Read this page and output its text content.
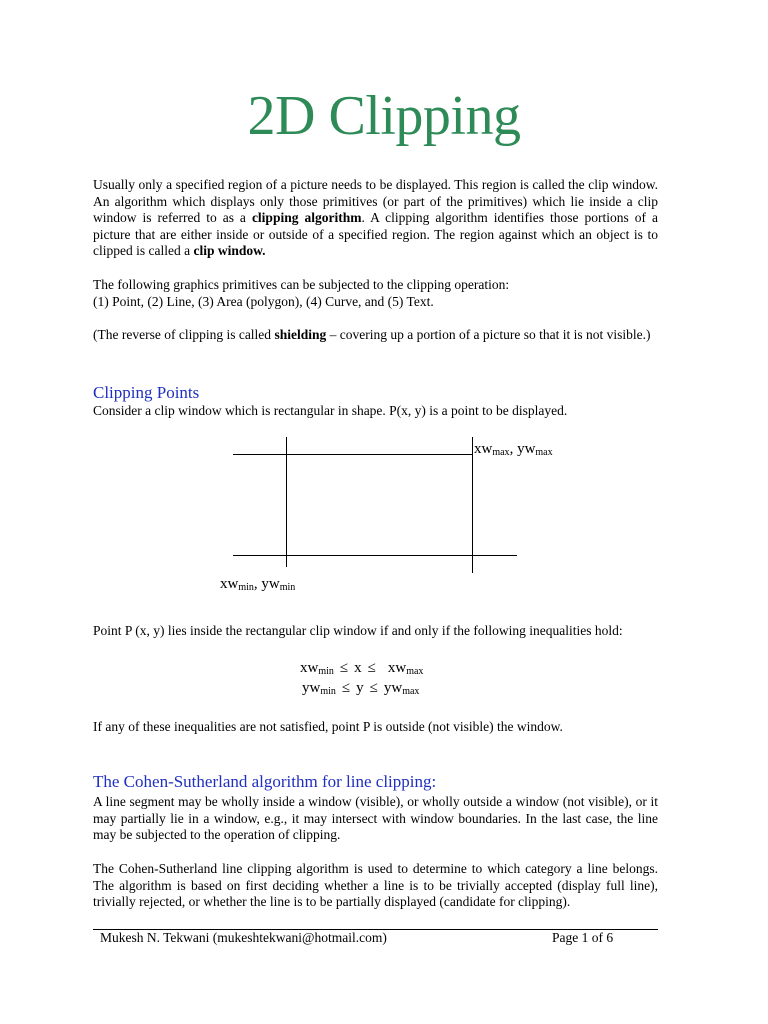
2D Clipping
Usually only a specified region of a picture needs to be displayed. This region is called the clip window. An algorithm which displays only those primitives (or part of the primitives) which lie inside a clip window is referred to as a clipping algorithm. A clipping algorithm identifies those portions of a picture that are either inside or outside of a specified region. The region against which an object is to clipped is called a clip window.
The following graphics primitives can be subjected to the clipping operation:
(1) Point, (2) Line, (3) Area (polygon), (4) Curve, and (5) Text.
(The reverse of clipping is called shielding – covering up a portion of a picture so that it is not visible.)
Clipping Points
Consider a clip window which is rectangular in shape. P(x, y) is a point to be displayed.
$xw_{max}$, $yw_{max}$
$xw_{min}$, $yw_{min}$
Point P (x, y) lies inside the rectangular clip window if and only if the following inequalities hold:
$xw_{min} \le x \le xw_{max}$
$yw_{min} \le y \le yw_{max}$
If any of these inequalities are not satisfied, point P is outside (not visible) the window.
The Cohen-Sutherland algorithm for line clipping:
A line segment may be wholly inside a window (visible), or wholly outside a window (not visible), or it may partially lie in a window, e.g., it may intersect with window boundaries. In the last case, the line may be subjected to the operation of clipping.
The Cohen-Sutherland line clipping algorithm is used to determine to which category a line belongs. The algorithm is based on first deciding whether a line is to be trivially accepted (display full line), trivially rejected, or whether the line is to be partially displayed (candidate for clipping).
Mukesh N. Tekwani (mukeshtekwani@hotmail.com)	Page 1 of 6
